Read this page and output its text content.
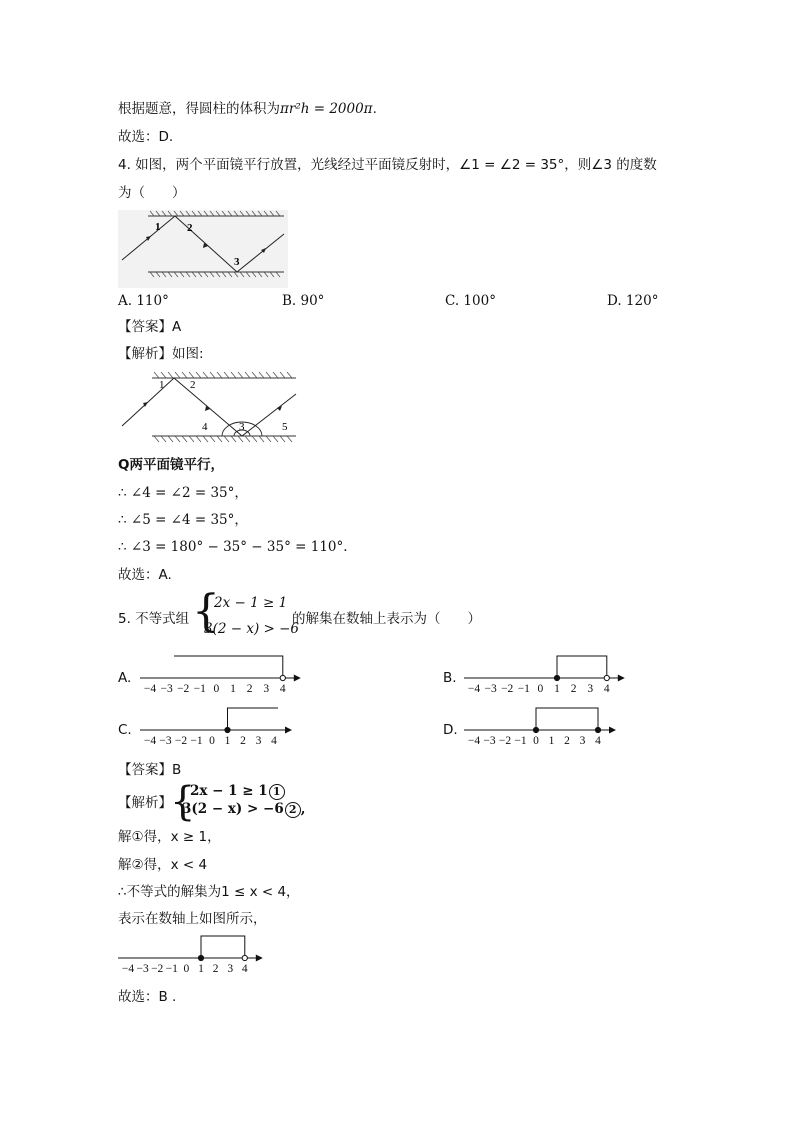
根据题意，得圆柱的体积为πr²h = 2000π.
故选：D.
4. 如图，两个平面镜平行放置，光线经过平面镜反射时，∠1 = ∠2 = 35°，则∠3 的度数
为（　　）
1 2
3
A. 110°	B. 90°	C. 100°	D. 120°
【答案】A
【解析】如图:
1 2
3
4	5
Q两平面镜平行，
∴ ∠4 = ∠2 = 35°，
∴ ∠5 = ∠4 = 35°，
∴ ∠3 = 180° − 35° − 35° = 110°.
故选：A.
5. 不等式组 {
2x − 1 ≥ 1
3(2 − x) > −6
的解集在数轴上表示为（　　）
A.
−4 −3 −2 −1 0 1 2 3 4
B.
−4 −3 −2 −1 0 1 2 3 4
C.
−4 −3 −2 −1 0 1 2 3 4
D.
−4 −3 −2 −1 0 1 2 3 4
【答案】B
【解析】
{
2x − 1 ≥ 1 1
3(2 − x) > −6 2 ,
解①得，x ≥ 1，
解②得，x < 4
∴不等式的解集为1 ≤ x < 4，
表示在数轴上如图所示，
−4 −3 −2 −1 0 1 2 3 4
故选：B .
